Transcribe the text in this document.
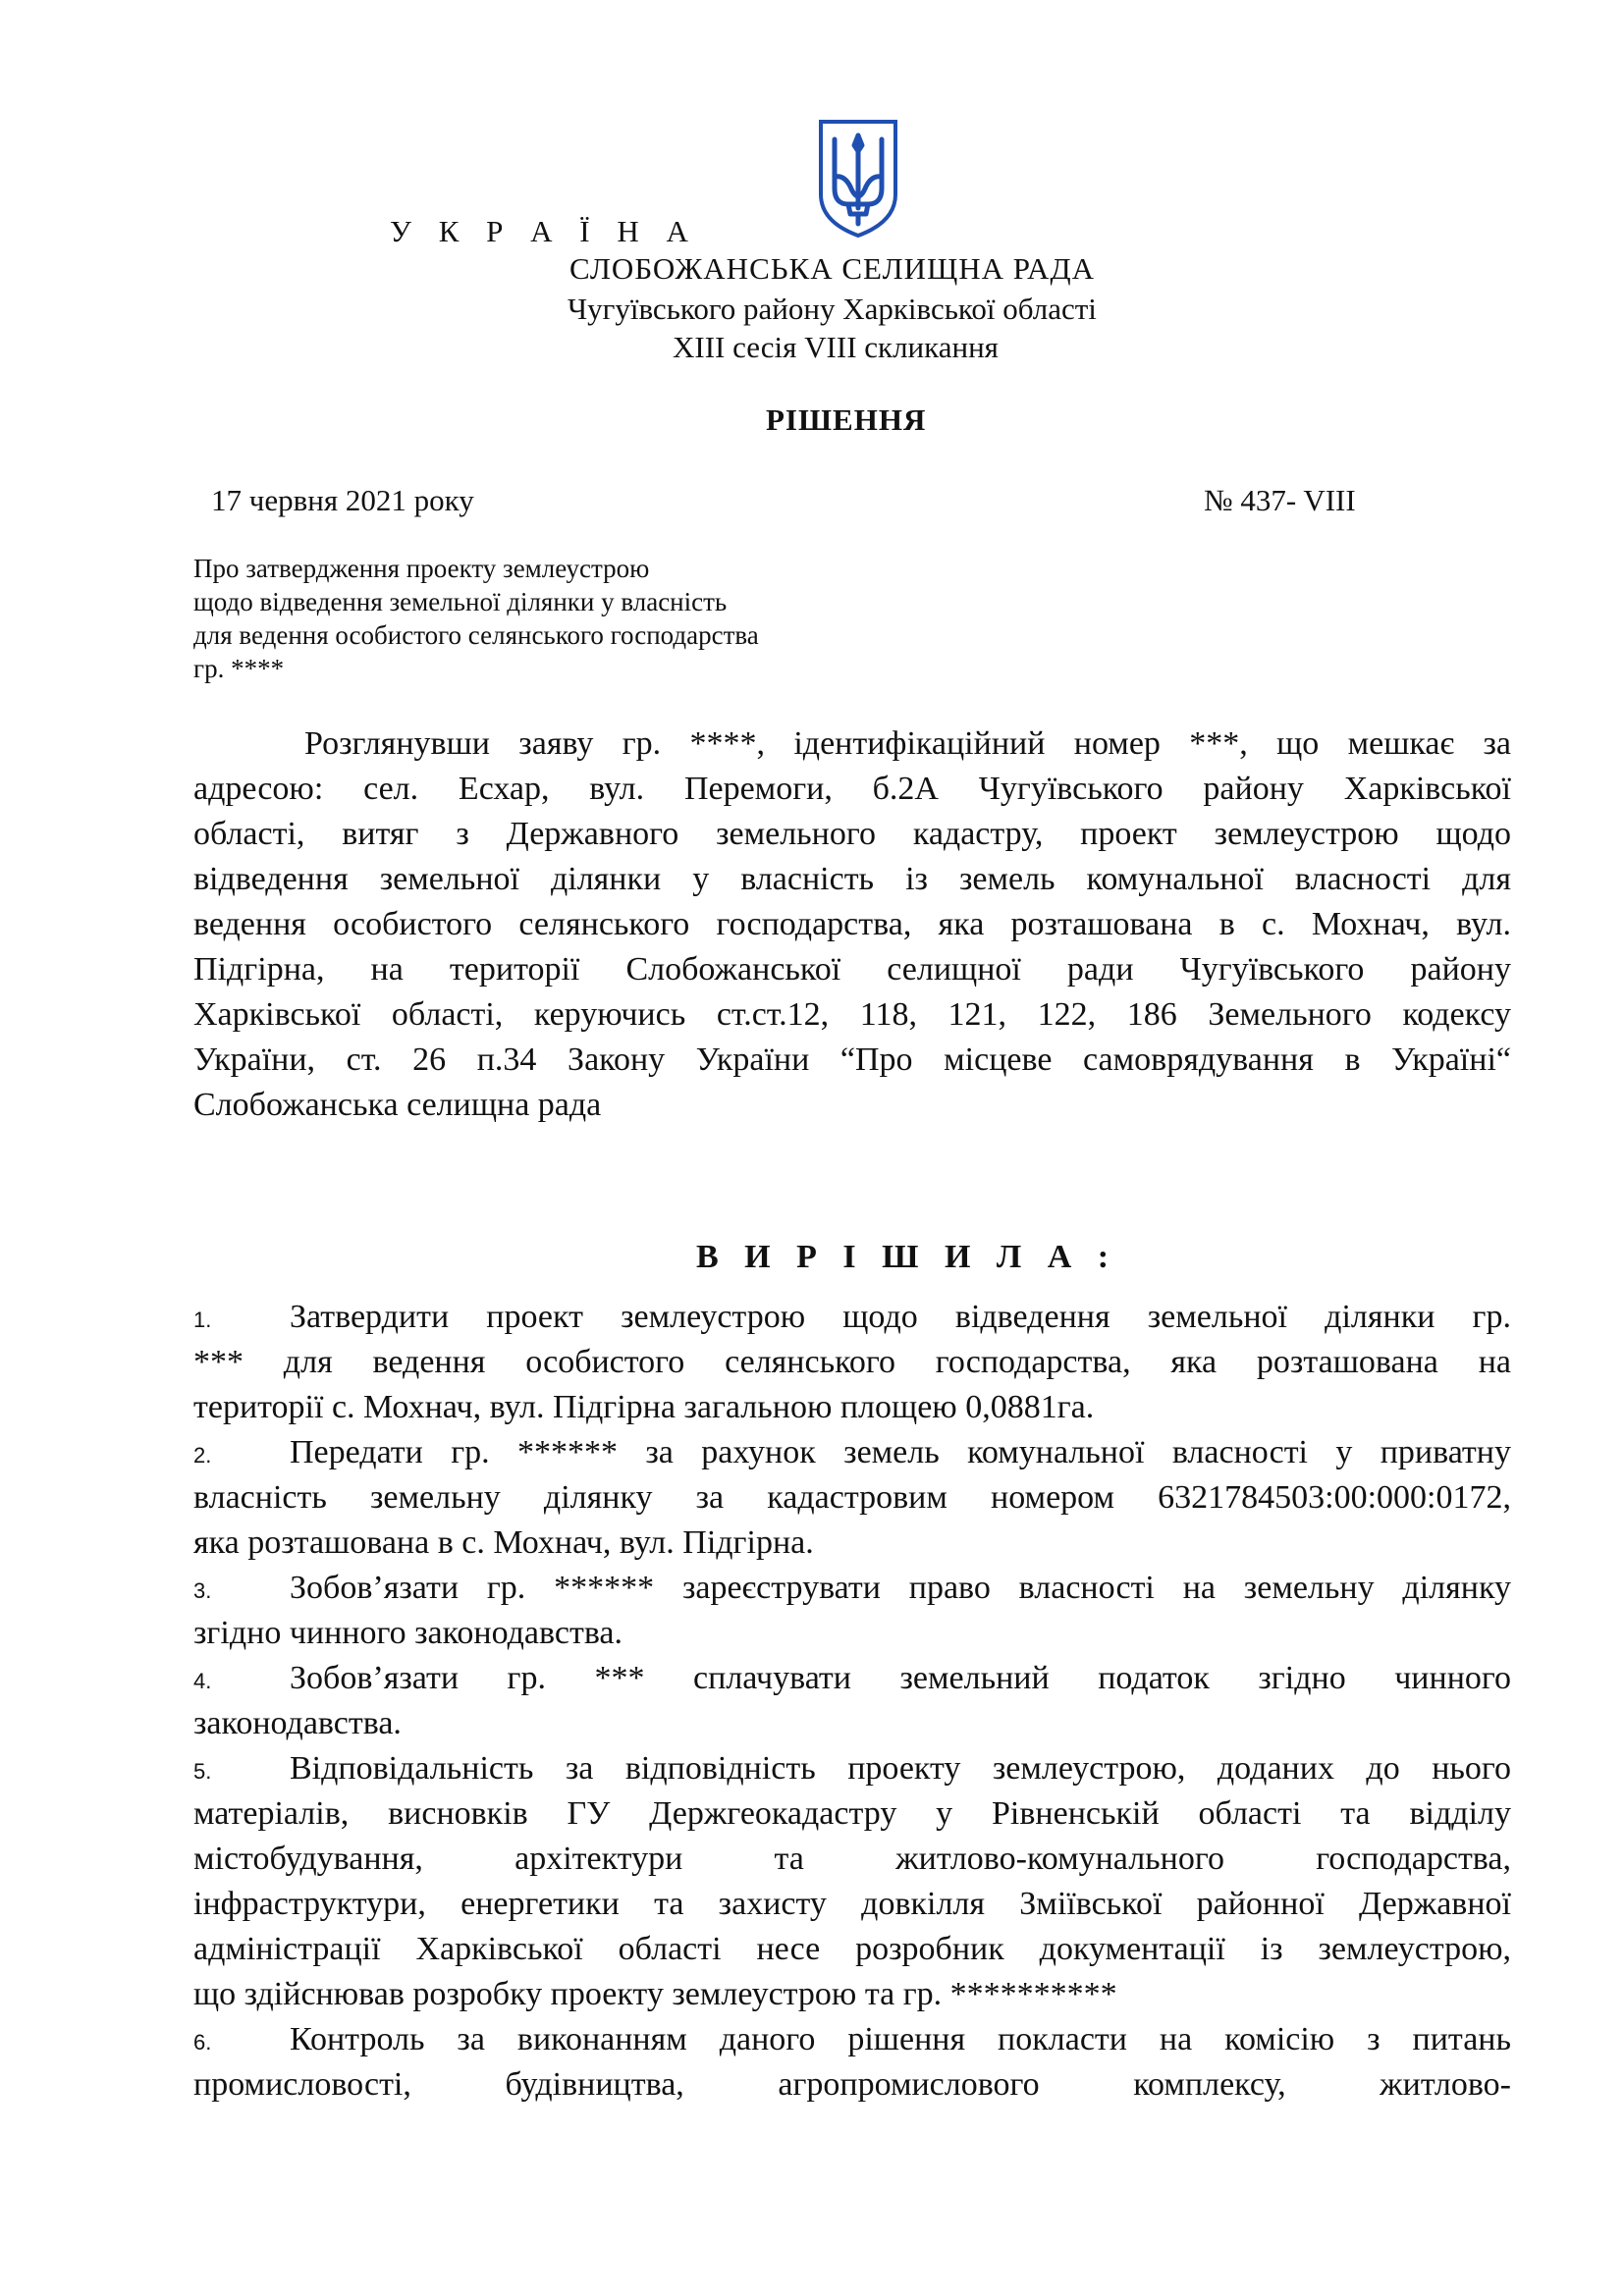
У К Р А Ї Н А
СЛОБОЖАНСЬКА СЕЛИЩНА РАДА
Чугуївського району Харківської області
ХІІІ сесія VIII скликання
РІШЕННЯ
17 червня 2021 року	№ 437- VIII
Про затвердження проекту землеустрою
щодо відведення земельної ділянки у власність
для ведення особистого селянського господарства
гр. ****
Розглянувши заяву гр. ****, ідентифікаційний номер ***, що мешкає за
адресою: сел. Есхар, вул. Перемоги, б.2А Чугуївського району Харківської
області, витяг з Державного земельного кадастру, проект землеустрою щодо
відведення земельної ділянки у власність із земель комунальної власності для
ведення особистого селянського господарства, яка розташована в с. Мохнач, вул.
Підгірна, на території Слобожанської селищної ради Чугуївського району
Харківської області, керуючись ст.ст.12, 118, 121, 122, 186 Земельного кодексу
України, ст. 26 п.34 Закону України “Про місцеве самоврядування в Україні“
Слобожанська селищна рада
В И Р І Ш И Л А :
1. Затвердити проект землеустрою щодо відведення земельної ділянки гр.
*** для ведення особистого селянського господарства, яка розташована на
території с. Мохнач, вул. Підгірна загальною площею 0,0881га.
2. Передати гр. ****** за рахунок земель комунальної власності у приватну
власність земельну ділянку за кадастровим номером 6321784503:00:000:0172,
яка розташована в с. Мохнач, вул. Підгірна.
3. Зобов’язати гр. ****** зареєструвати право власності на земельну ділянку
згідно чинного законодавства.
4. Зобов’язати гр. *** сплачувати земельний податок згідно чинного
законодавства.
5. Відповідальність за відповідність проекту землеустрою, доданих до нього
матеріалів, висновків ГУ Держгеокадастру у Рівненській області та відділу
містобудування, архітектури та житлово-комунального господарства,
інфраструктури, енергетики та захисту довкілля Зміївської районної Державної
адміністрації Харківської області несе розробник документації із землеустрою,
що здійснював розробку проекту землеустрою та гр. **********
6. Контроль за виконанням даного рішення покласти на комісію з питань
промисловості, будівництва, агропромислового комплексу, житлово-
